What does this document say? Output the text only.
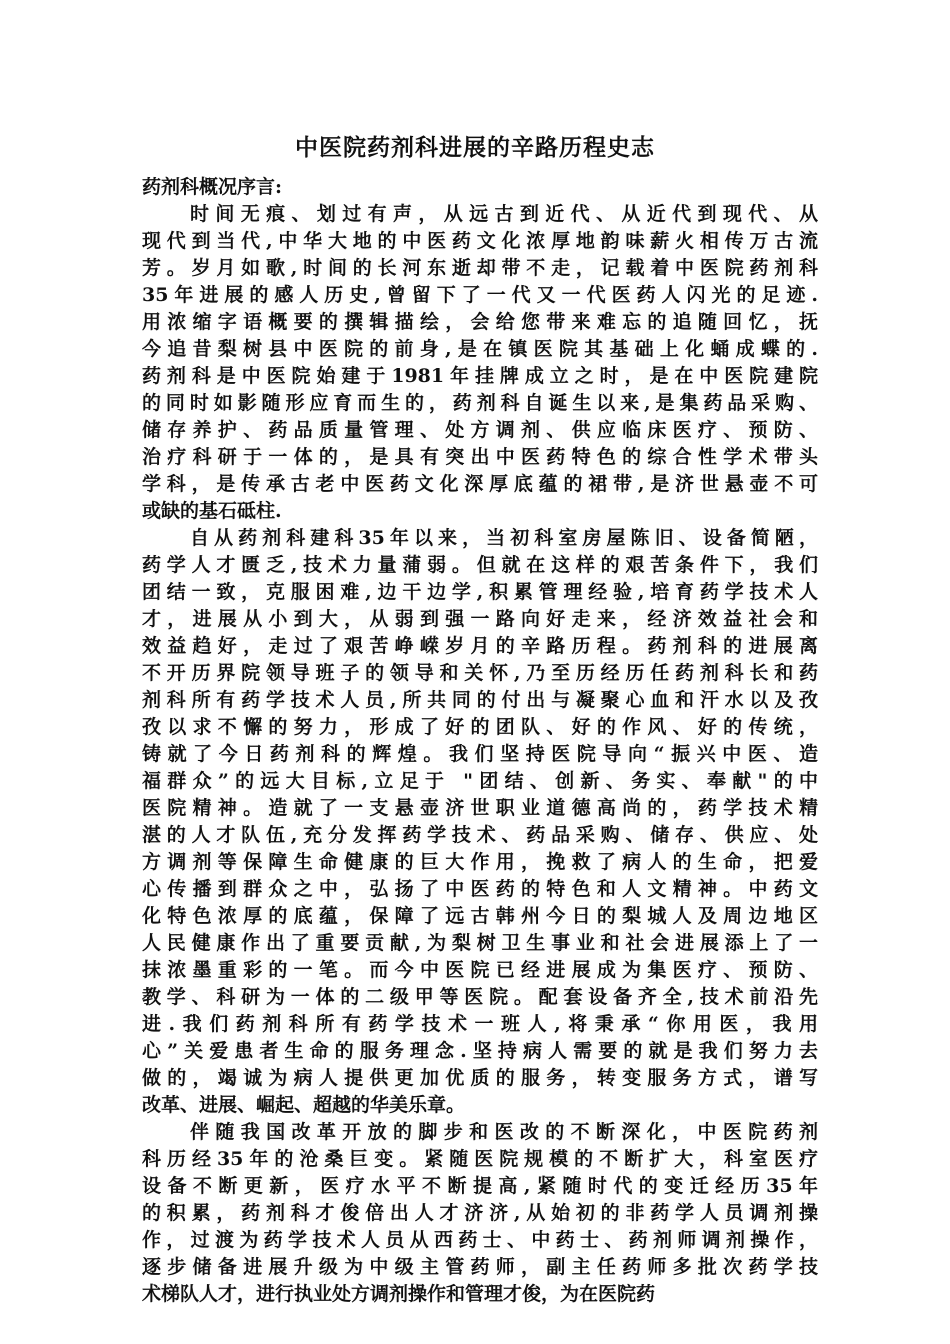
中医院药剂科进展的辛路历程史志

药剂科概况序言:

时间无痕、划过有声，从远古到近代、从近代到现代、从
现代到当代,中华大地的中医药文化浓厚地韵味薪火相传万古流
芳。岁月如歌,时间的长河东逝却带不走，记载着中医院药剂科
35年进展的感人历史,曾留下了一代又一代医药人闪光的足迹.
用浓缩字语概要的撰辑描绘，会给您带来难忘的追随回忆，抚
今追昔梨树县中医院的前身,是在镇医院其基础上化蛹成蝶的.
药剂科是中医院始建于1981年挂牌成立之时，是在中医院建院
的同时如影随形应育而生的，药剂科自诞生以来,是集药品采购、
储存养护、药品质量管理、处方调剂、供应临床医疗、预防、
治疗科研于一体的，是具有突出中医药特色的综合性学术带头
学科，是传承古老中医药文化深厚底蕴的裙带,是济世悬壶不可
或缺的基石砥柱.
自从药剂科建科35年以来，当初科室房屋陈旧、设备简陋，
药学人才匮乏,技术力量蒲弱。但就在这样的艰苦条件下，我们
团结一致，克服困难,边干边学,积累管理经验,培育药学技术人
才，进展从小到大，从弱到强一路向好走来，经济效益社会和
效益趋好，走过了艰苦峥嵘岁月的辛路历程。药剂科的进展离
不开历界院领导班子的领导和关怀,乃至历经历任药剂科长和药
剂科所有药学技术人员,所共同的付出与凝聚心血和汗水以及孜
孜以求不懈的努力，形成了好的团队、好的作风、好的传统，
铸就了今日药剂科的辉煌。我们坚持医院导向“振兴中医、造
福群众”的远大目标,立足于 "团结、创新、务实、奉献"的中
医院精神。造就了一支悬壶济世职业道德高尚的，药学技术精
湛的人才队伍,充分发挥药学技术、药品采购、储存、供应、处
方调剂等保障生命健康的巨大作用，挽救了病人的生命，把爱
心传播到群众之中，弘扬了中医药的特色和人文精神。中药文
化特色浓厚的底蕴，保障了远古韩州今日的梨城人及周边地区
人民健康作出了重要贡献,为梨树卫生事业和社会进展添上了一
抹浓墨重彩的一笔。而今中医院已经进展成为集医疗、预防、
教学、科研为一体的二级甲等医院。配套设备齐全,技术前沿先
进.我们药剂科所有药学技术一班人,将秉承“你用医，我用
心”关爱患者生命的服务理念.坚持病人需要的就是我们努力去
做的，竭诚为病人提供更加优质的服务，转变服务方式，谱写
改革、进展、崛起、超越的华美乐章。
伴随我国改革开放的脚步和医改的不断深化，中医院药剂
科历经35年的沧桑巨变。紧随医院规模的不断扩大，科室医疗
设备不断更新，医疗水平不断提高,紧随时代的变迁经历35年
的积累，药剂科才俊倍出人才济济,从始初的非药学人员调剂操
作，过渡为药学技术人员从西药士、中药士、药剂师调剂操作，
逐步储备进展升级为中级主管药师，副主任药师多批次药学技
术梯队人才，进行执业处方调剂操作和管理才俊，为在医院药
